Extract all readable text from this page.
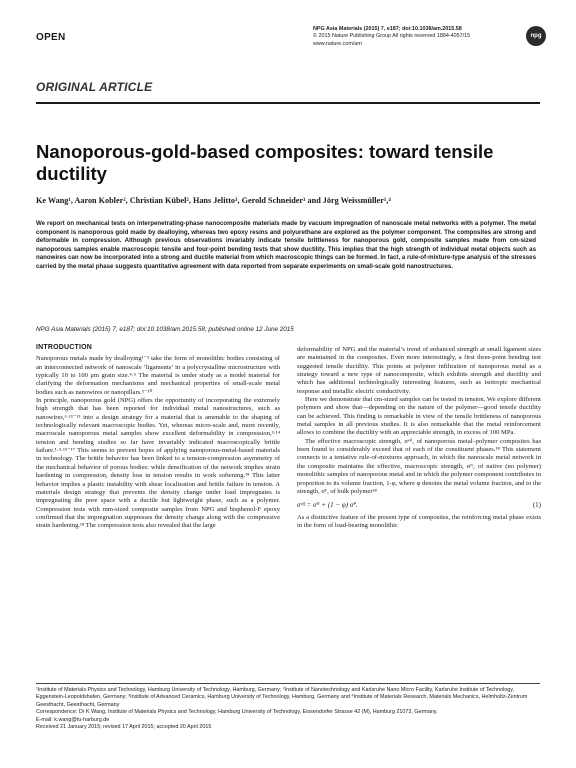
OPEN
NPG Asia Materials (2015) 7, e187; doi:10.1038/am.2015.58
© 2015 Nature Publishing Group All rights reserved 1884-4057/15
www.nature.com/am
npg
ORIGINAL ARTICLE
Nanoporous-gold-based composites: toward tensile ductility
Ke Wang¹, Aaron Kobler², Christian Kübel², Hans Jelitto³, Gerold Schneider³ and Jörg Weissmüller¹,⁴
We report on mechanical tests on interpenetrating-phase nanocomposite materials made by vacuum impregnation of nanoscale metal networks with a polymer. The metal component is nanoporous gold made by dealloying, whereas two epoxy resins and polyurethane are explored as the polymer component. The composites are strong and deformable in compression. Although previous observations invariably indicate tensile brittleness for nanoporous gold, composite samples made from cm-sized nanoporous samples enable macroscopic tensile and four-point bending tests that show ductility. This implies that the high strength of individual metal objects such as nanowires can now be incorporated into a strong and ductile material from which macroscopic things can be formed. In fact, a rule-of-mixture-type analysis of the stresses carried by the metal phase suggests quantitative agreement with data reported from separate experiments on small-scale gold nanostructures.
NPG Asia Materials (2015) 7, e187; doi:10.1038/am.2015.58; published online 12 June 2015
INTRODUCTION

Nanoporous metals made by dealloying¹⁻³ take the form of monolithic bodies consisting of an interconnected network of nanoscale ‘ligaments’ in a polycrystalline microstructure with typically 10 to 100 μm grain size.⁴·⁵ The material is under study as a model material for clarifying the deformation mechanisms and mechanical properties of small-scale metal bodies such as nanowires or nanopillars.⁵⁻¹⁰

In principle, nanoporous gold (NPG) offers the opportunity of incorporating the extremely high strength that has been reported for individual metal nanostructures, such as nanowires,⁶·¹¹⁻¹³ into a design strategy for a material that is amenable to the shaping of technologically relevant macroscopic bodies. Yet, whereas micro-scale and, more recently, macroscale nanoporous metal samples show excellent deformability in compression,³·¹⁴ tension and bending studies so far have invariably indicated macroscopically brittle failure.¹·³·¹⁵⁻¹⁷ This seems to prevent hopes of applying nanoporous-metal-based materials in technology. The brittle behavior has been linked to a tension-compression asymmetry of the mechanical behavior of porous bodies: while densification of the network implies strain hardening in compression, density loss in tension results in work softening.¹⁸ This latter behavior implies a plastic instability with shear localization and brittle failure in tension. A materials design strategy that prevents the density change under load impregnates is impregnating the pore space with a ductile but lightweight phase, such as a polymer. Compression tests with mm-sized composite samples from NPG and bisphenol-F epoxy confirmed that the impregnation suppresses the density change along with the compressive strain hardening.¹⁸ The compression tests also revealed that the large

deformability of NPG and the material’s trend of enhanced strength at small ligament sizes are maintained in the composites. Even more interestingly, a first three-point bending test suggested tensile ductility. This points at polymer infiltration of nanoporous metal as a strategy toward a new type of nanocomposite, which exhibits strength and ductility and which has additional technologically interesting features, such as isotropic mechanical response and metallic electric conductivity.

Here we demonstrate that cm-sized samples can be tested in tension. We explore different polymers and show that—depending on the nature of the polymer—good tensile ductility can be achieved. This finding is remarkable in view of the tensile brittleness of nanoporous metal samples in all previous studies. It is also remarkable that the metal reinforcement allows to combine the ductility with an appreciable strength, in excess of 100 MPa.

The effective macroscopic strength, σᵉᶠᶠ, of nanoporous metal–polymer composites has been found to considerably exceed that of each of the constituent phases.¹⁸ This statement connects to a tentative rule-of-mixtures approach, in which the nanoscale metal network in the composite maintains the effective, macroscopic strength, σᴺ, of native (no polymer) monolithic samples of nanoporous metal and in which the polymer component contributes in proportion to its volume fraction, 1-φ, where φ denotes the metal volume fraction, and to the strength, σᴾ, of bulk polymer¹⁸

σᵉᶠᶠ = σᴺ + (1 − φ) σᴾ.	(1)

As a distinctive feature of the present type of composites, the reinforcing metal phase exists in the form of load-bearing monolithic

¹Institute of Materials Physics and Technology, Hamburg University of Technology, Hamburg, Germany; ²Institute of Nanotechnology and Karlsruhe Nano Micro Facility, Karlsruhe Institute of Technology, Eggenstein-Leopoldshafen, Germany; ³Institute of Advanced Ceramics, Hamburg University of Technology, Hamburg, Germany and ⁴Institute of Materials Research, Materials Mechanics, Helmholtz-Zentrum Geesthacht, Geesthacht, Germany
Correspondence: Dr K Wang, Institute of Materials Physics and Technology, Hamburg University of Technology, Eissendorfer Strasse 42 (M), Hamburg 21073, Germany.
E-mail: k.wang@tu-harburg.de
Received 21 January 2015; revised 17 April 2015; accepted 20 April 2015
